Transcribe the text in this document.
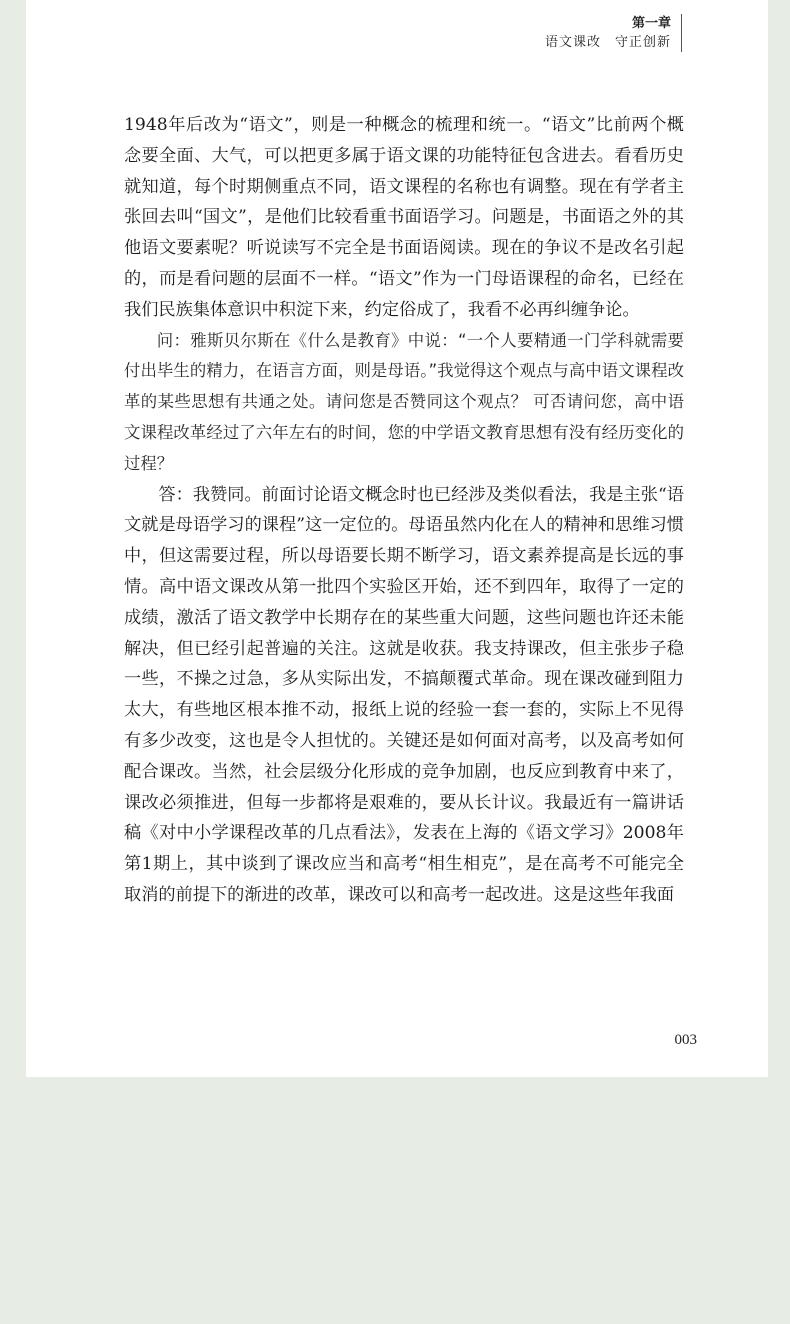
第一章
语文课改　守正创新

1948年后改为“语文”，则是一种概念的梳理和统一。“语文”比前两个概念要全面、大气，可以把更多属于语文课的功能特征包含进去。看看历史就知道，每个时期侧重点不同，语文课程的名称也有调整。现在有学者主张回去叫“国文”，是他们比较看重书面语学习。问题是，书面语之外的其他语文要素呢？听说读写不完全是书面语阅读。现在的争议不是改名引起的，而是看问题的层面不一样。“语文”作为一门母语课程的命名，已经在我们民族集体意识中积淀下来，约定俗成了，我看不必再纠缠争论。

问：雅斯贝尔斯在《什么是教育》中说：“一个人要精通一门学科就需要付出毕生的精力，在语言方面，则是母语。”我觉得这个观点与高中语文课程改革的某些思想有共通之处。请问您是否赞同这个观点？ 可否请问您，高中语文课程改革经过了六年左右的时间，您的中学语文教育思想有没有经历变化的过程？

答：我赞同。前面讨论语文概念时也已经涉及类似看法，我是主张“语文就是母语学习的课程”这一定位的。母语虽然内化在人的精神和思维习惯中，但这需要过程，所以母语要长期不断学习，语文素养提高是长远的事情。高中语文课改从第一批四个实验区开始，还不到四年，取得了一定的成绩，激活了语文教学中长期存在的某些重大问题，这些问题也许还未能解决，但已经引起普遍的关注。这就是收获。我支持课改，但主张步子稳一些，不操之过急，多从实际出发，不搞颠覆式革命。现在课改碰到阻力太大，有些地区根本推不动，报纸上说的经验一套一套的，实际上不见得有多少改变，这也是令人担忧的。关键还是如何面对高考，以及高考如何配合课改。当然，社会层级分化形成的竞争加剧，也反应到教育中来了，课改必须推进，但每一步都将是艰难的，要从长计议。我最近有一篇讲话稿《对中小学课程改革的几点看法》，发表在上海的《语文学习》2008年第1期上，其中谈到了课改应当和高考“相生相克”，是在高考不可能完全取消的前提下的渐进的改革，课改可以和高考一起改进。这是这些年我面

003
